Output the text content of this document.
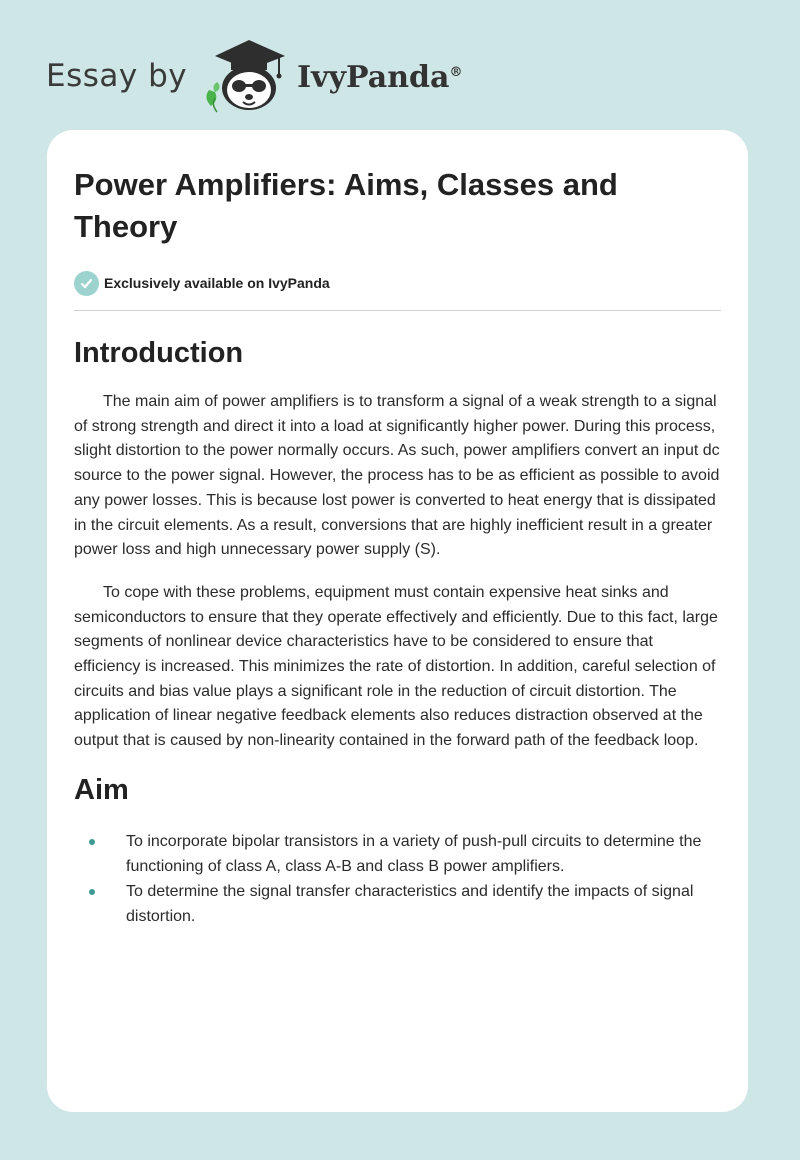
Essay by	IvyPanda®
Power Amplifiers: Aims, Classes and Theory
Exclusively available on IvyPanda
Introduction

The main aim of power amplifiers is to transform a signal of a weak strength to a signal of strong strength and direct it into a load at significantly higher power. During this process, slight distortion to the power normally occurs. As such, power amplifiers convert an input dc source to the power signal. However, the process has to be as efficient as possible to avoid any power losses. This is because lost power is converted to heat energy that is dissipated in the circuit elements. As a result, conversions that are highly inefficient result in a greater power loss and high unnecessary power supply (S).

To cope with these problems, equipment must contain expensive heat sinks and semiconductors to ensure that they operate effectively and efficiently. Due to this fact, large segments of nonlinear device characteristics have to be considered to ensure that efficiency is increased. This minimizes the rate of distortion. In addition, careful selection of circuits and bias value plays a significant role in the reduction of circuit distortion. The application of linear negative feedback elements also reduces distraction observed at the output that is caused by non-linearity contained in the forward path of the feedback loop.

Aim
To incorporate bipolar transistors in a variety of push-pull circuits to determine the functioning of class A, class A-B and class B power amplifiers.
To determine the signal transfer characteristics and identify the impacts of signal distortion.
